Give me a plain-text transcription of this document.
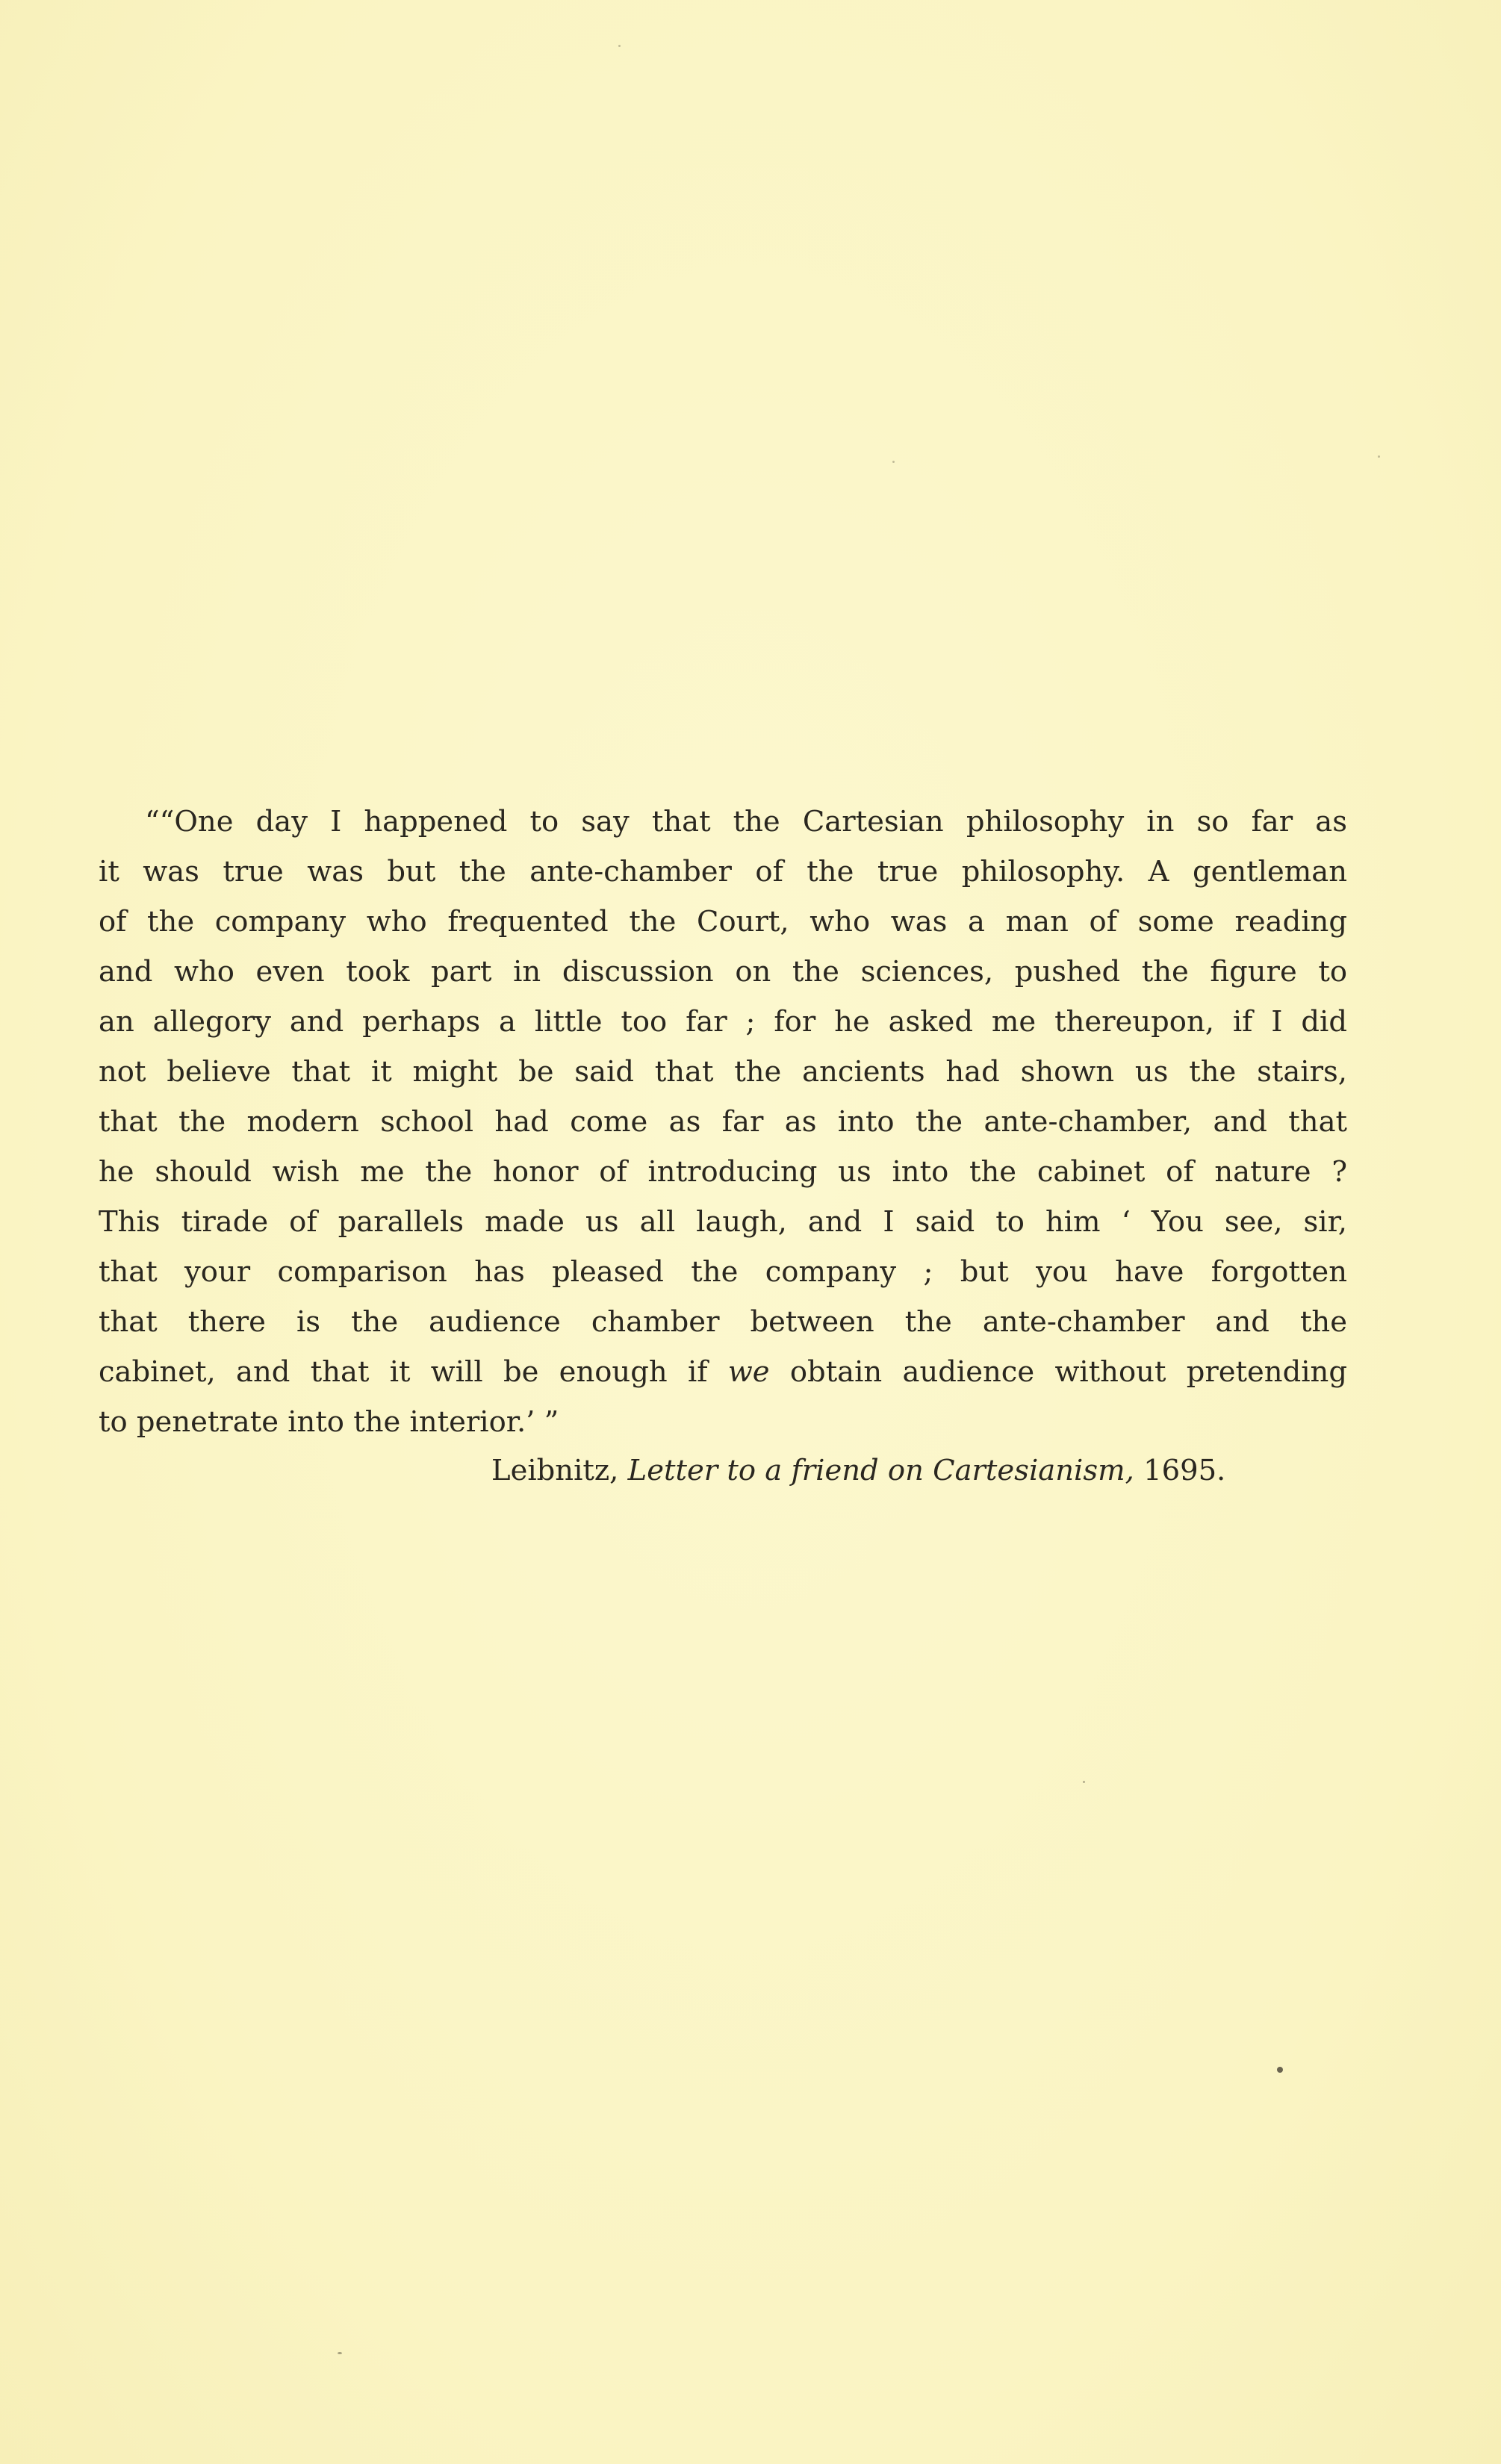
““One day I happened to say that the Cartesian philosophy in so far as
it was true was but the ante-chamber of the true philosophy. A gentleman
of the company who frequented the Court, who was a man of some reading
and who even took part in discussion on the sciences, pushed the figure to
an allegory and perhaps a little too far ; for he asked me thereupon, if I did
not believe that it might be said that the ancients had shown us the stairs,
that the modern school had come as far as into the ante-chamber, and that
he should wish me the honor of introducing us into the cabinet of nature ?
This tirade of parallels made us all laugh, and I said to him ‘ You see, sir,
that your comparison has pleased the company ; but you have forgotten
that there is the audience chamber between the ante-chamber and the
cabinet, and that it will be enough if we obtain audience without pretending
to penetrate into the interior.’ ”
Leibnitz, Letter to a friend on Cartesianism, 1695.
